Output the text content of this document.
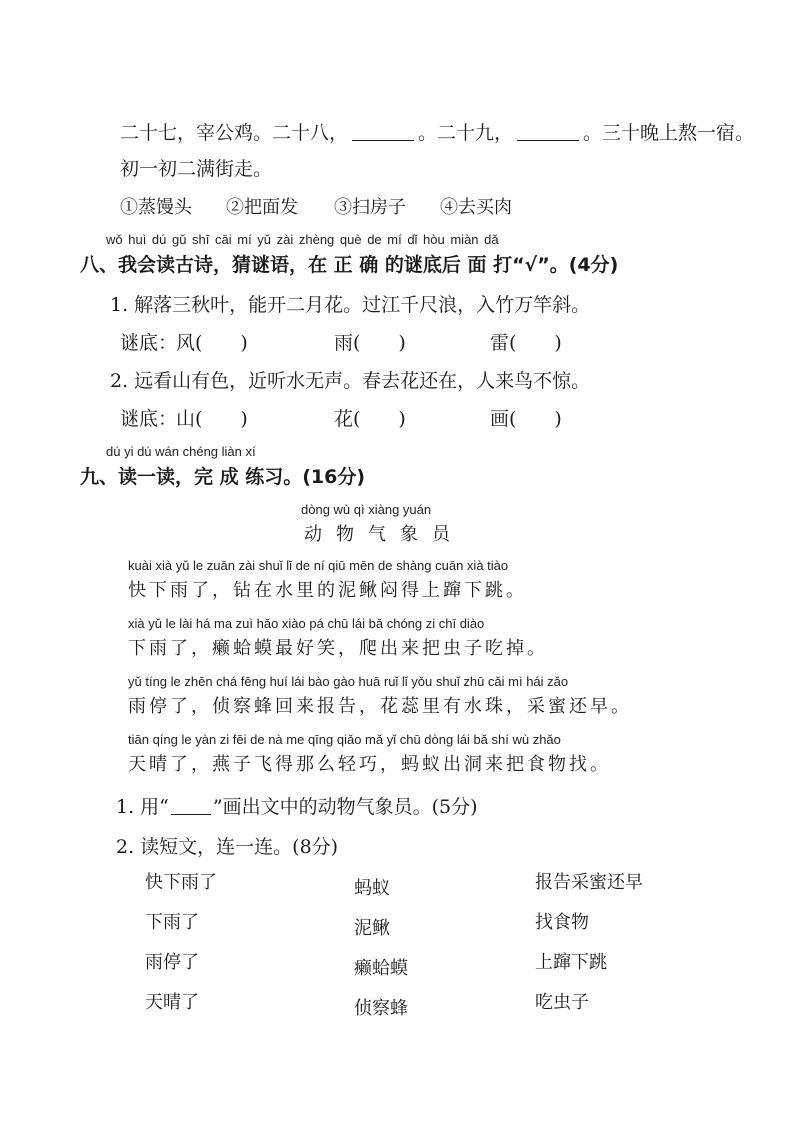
二十七，宰公鸡。二十八，	。二十九，	。三十晚上熬一宿。
初一初二满街走。
①蒸馒头 ②把面发 ③扫房子 ④去买肉
wǒ huì dú gǔ shī cāi mí yǔ zài zhèng què de mí dǐ hòu miàn dǎ
八、我会读古诗，猜谜语，在 正 确 的谜底后 面 打“√”。(4分)
1. 解落三秋叶，能开二月花。过江千尺浪，入竹万竿斜。
谜底：
风(　　)	雨(　　)	雷(　　)
2. 远看山有色，近听水无声。春去花还在，人来鸟不惊。
谜底：
山(　　)	花(　　)	画(　　)
dú yi dú wán chéng liàn xí
九、读一读，完 成 练习。(16分)
dòng wù qì xiàng yuán
动物气象员
kuài xià yǔ le zuān zài shuǐ lǐ de ní qiū mēn de shàng cuān xià tiào
快下雨了，钻在水里的泥鳅闷得上蹿下跳。
xià yǔ le lài há ma zuì hǎo xiào pá chū lái bǎ chóng zi chī diào
下雨了，癞蛤蟆最好笑，爬出来把虫子吃掉。
yǔ tíng le zhēn chá fēng huí lái bào gào huā ruǐ lǐ yǒu shuǐ zhū cǎi mì hái zǎo
雨停了，侦察蜂回来报告，花蕊里有水珠，采蜜还早。
tiān qíng le yàn zi fēi de nà me qīng qiǎo mǎ yǐ chū dòng lái bǎ shí wù zhǎo
天晴了，燕子飞得那么轻巧，蚂蚁出洞来把食物找。
1. 用“ ”画出文中的动物气象员。(5分)
2. 读短文，连一连。(8分)
快下雨了
下雨了
雨停了
天晴了
蚂蚁
泥鳅
癞蛤蟆
侦察蜂
报告采蜜还早
找食物
上蹿下跳
吃虫子
